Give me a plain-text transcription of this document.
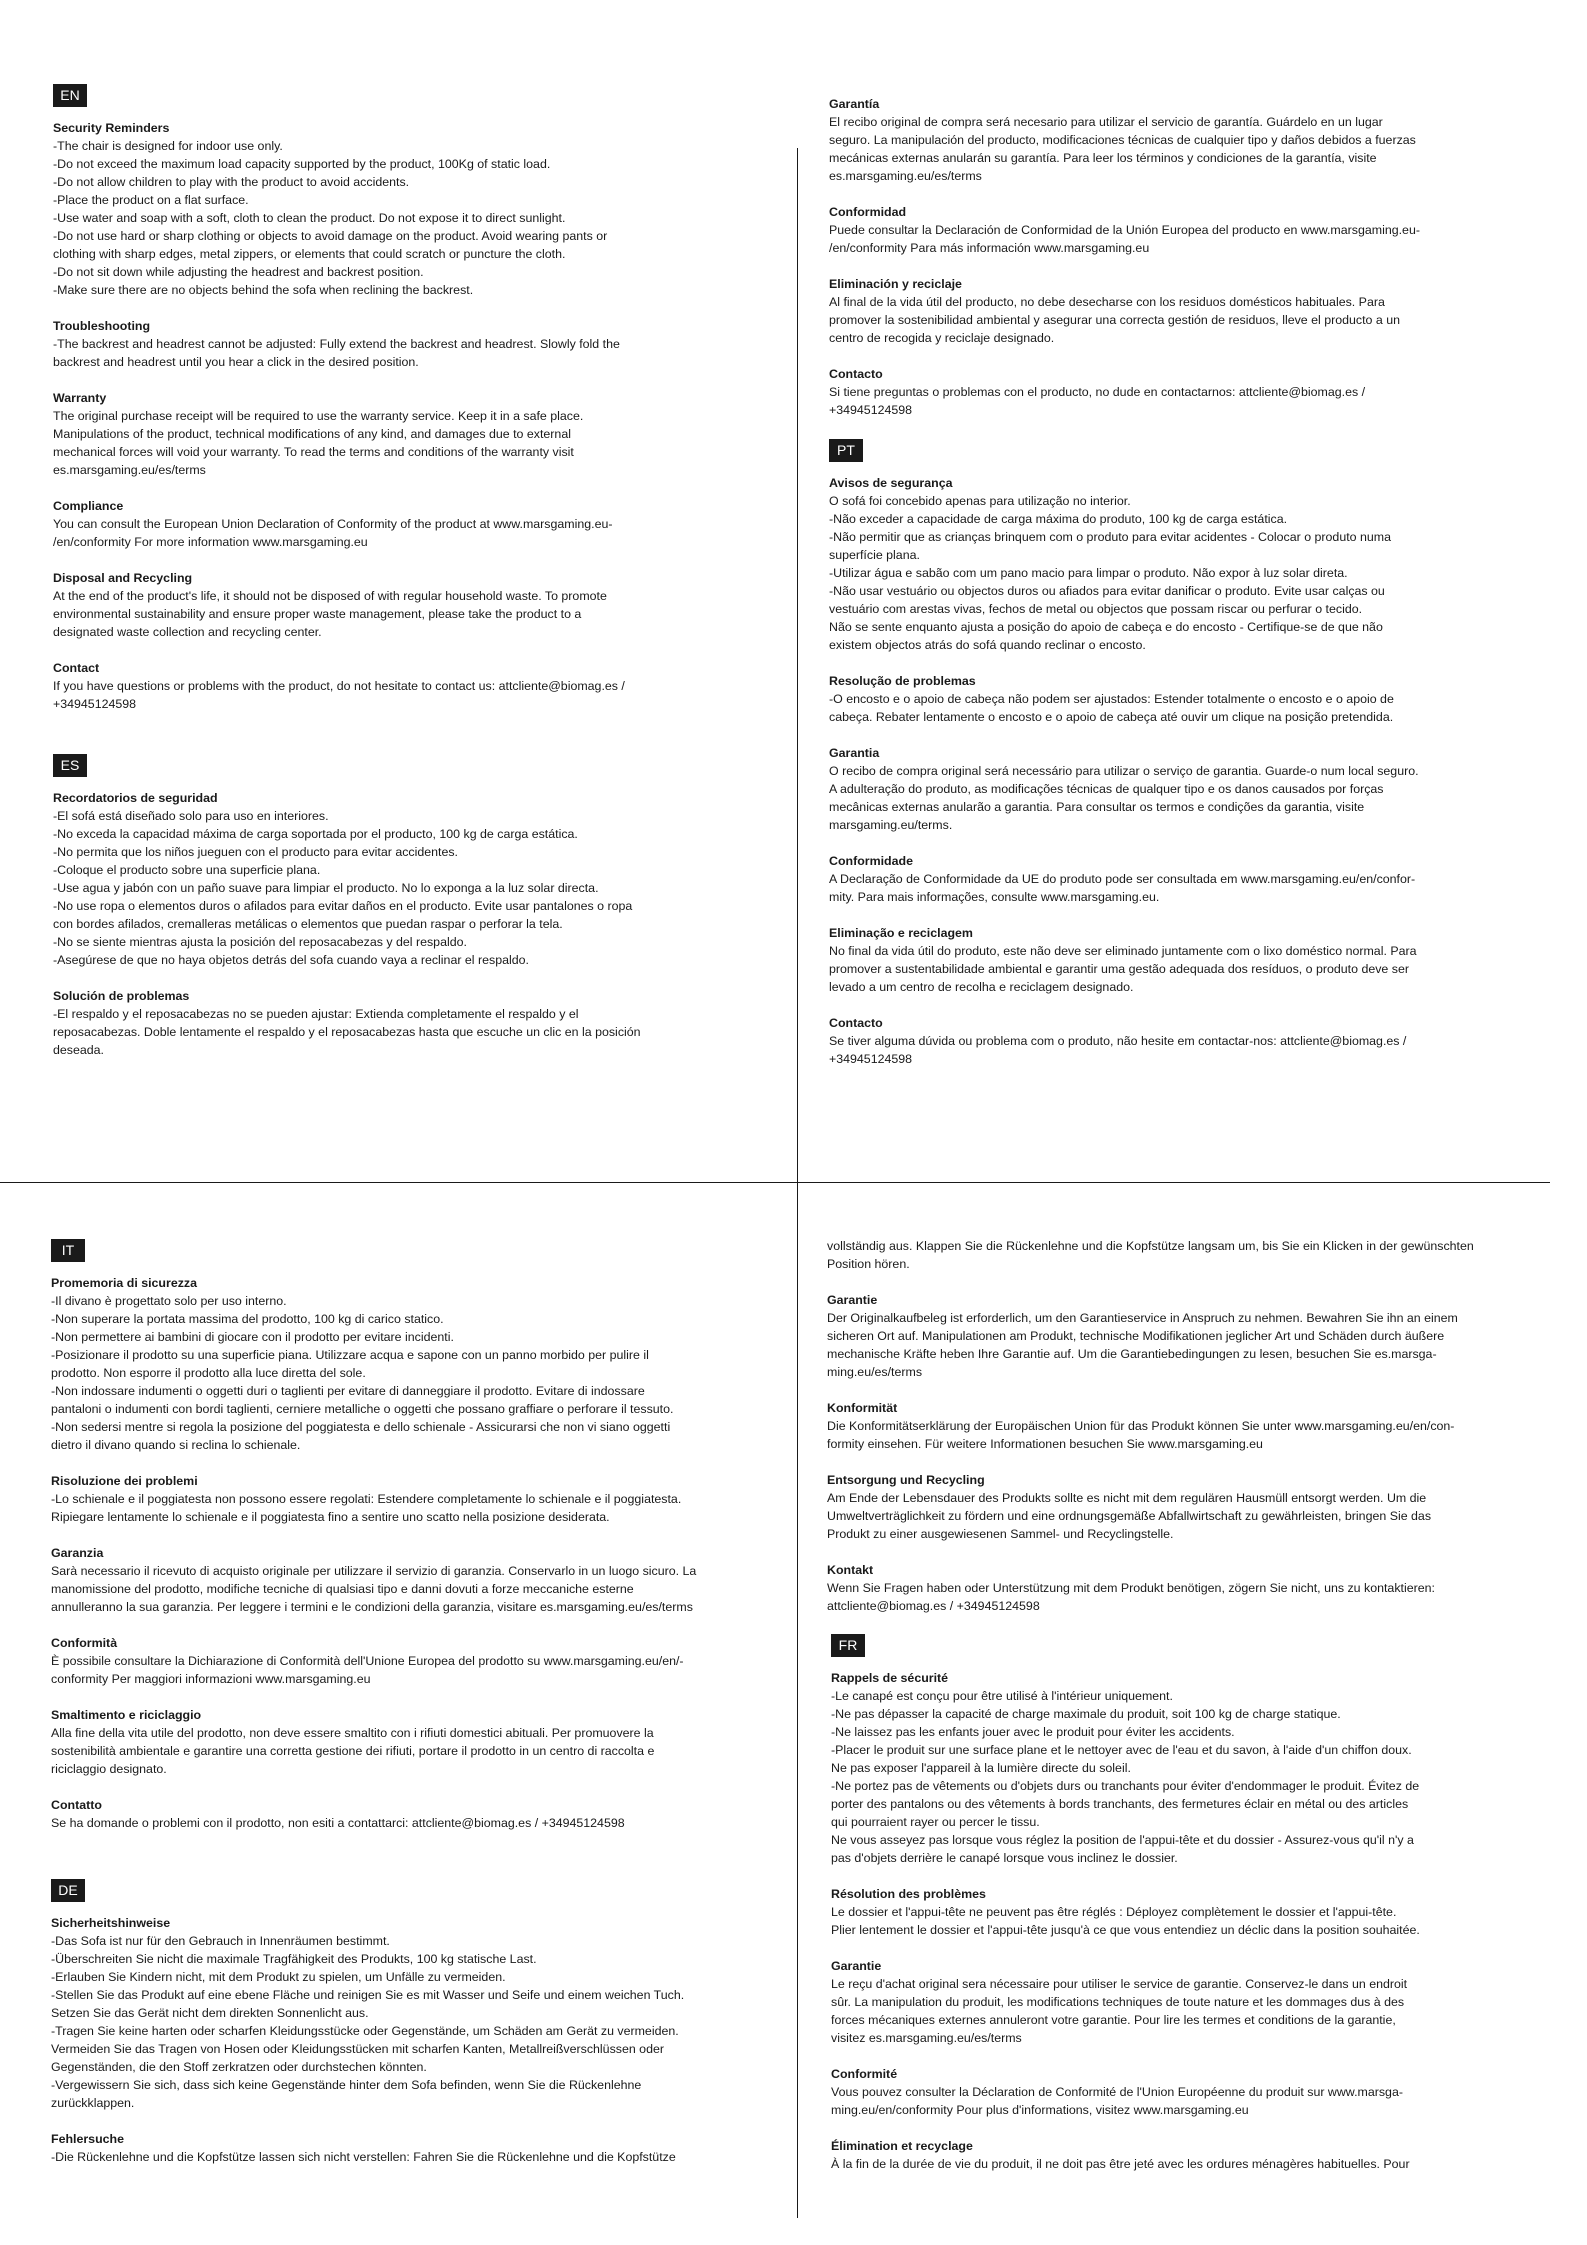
EN
Security Reminders
-The chair is designed for indoor use only.
-Do not exceed the maximum load capacity supported by the product, 100Kg of static load.
-Do not allow children to play with the product to avoid accidents.
-Place the product on a flat surface.
-Use water and soap with a soft, cloth to clean the product. Do not expose it to direct sunlight.
-Do not use hard or sharp clothing or objects to avoid damage on the product. Avoid wearing pants or
clothing with sharp edges, metal zippers, or elements that could scratch or puncture the cloth.
-Do not sit down while adjusting the headrest and backrest position.
-Make sure there are no objects behind the sofa when reclining the backrest.
Troubleshooting
-The backrest and headrest cannot be adjusted: Fully extend the backrest and headrest. Slowly fold the
backrest and headrest until you hear a click in the desired position.
Warranty
The original purchase receipt will be required to use the warranty service. Keep it in a safe place.
Manipulations of the product, technical modifications of any kind, and damages due to external
mechanical forces will void your warranty. To read the terms and conditions of the warranty visit
es.marsgaming.eu/es/terms
Compliance
You can consult the European Union Declaration of Conformity of the product at www.marsgaming.eu-
/en/conformity For more information www.marsgaming.eu
Disposal and Recycling
At the end of the product's life, it should not be disposed of with regular household waste. To promote
environmental sustainability and ensure proper waste management, please take the product to a
designated waste collection and recycling center.
Contact
If you have questions or problems with the product, do not hesitate to contact us: attcliente@biomag.es /
+34945124598
ES
Recordatorios de seguridad
-El sofá está diseñado solo para uso en interiores.
-No exceda la capacidad máxima de carga soportada por el producto, 100 kg de carga estática.
-No permita que los niños jueguen con el producto para evitar accidentes.
-Coloque el producto sobre una superficie plana.
-Use agua y jabón con un paño suave para limpiar el producto. No lo exponga a la luz solar directa.
-No use ropa o elementos duros o afilados para evitar daños en el producto. Evite usar pantalones o ropa
con bordes afilados, cremalleras metálicas o elementos que puedan raspar o perforar la tela.
-No se siente mientras ajusta la posición del reposacabezas y del respaldo.
-Asegúrese de que no haya objetos detrás del sofa cuando vaya a reclinar el respaldo.
Solución de problemas
-El respaldo y el reposacabezas no se pueden ajustar: Extienda completamente el respaldo y el
reposacabezas. Doble lentamente el respaldo y el reposacabezas hasta que escuche un clic en la posición
deseada.
Garantía
El recibo original de compra será necesario para utilizar el servicio de garantía. Guárdelo en un lugar
seguro. La manipulación del producto, modificaciones técnicas de cualquier tipo y daños debidos a fuerzas
mecánicas externas anularán su garantía. Para leer los términos y condiciones de la garantía, visite
es.marsgaming.eu/es/terms
Conformidad
Puede consultar la Declaración de Conformidad de la Unión Europea del producto en www.marsgaming.eu-
/en/conformity Para más información www.marsgaming.eu
Eliminación y reciclaje
Al final de la vida útil del producto, no debe desecharse con los residuos domésticos habituales. Para
promover la sostenibilidad ambiental y asegurar una correcta gestión de residuos, lleve el producto a un
centro de recogida y reciclaje designado.
Contacto
Si tiene preguntas o problemas con el producto, no dude en contactarnos: attcliente@biomag.es /
+34945124598
PT
Avisos de segurança
O sofá foi concebido apenas para utilização no interior.
-Não exceder a capacidade de carga máxima do produto, 100 kg de carga estática.
-Não permitir que as crianças brinquem com o produto para evitar acidentes - Colocar o produto numa
superfície plana.
-Utilizar água e sabão com um pano macio para limpar o produto. Não expor à luz solar direta.
-Não usar vestuário ou objectos duros ou afiados para evitar danificar o produto. Evite usar calças ou
vestuário com arestas vivas, fechos de metal ou objectos que possam riscar ou perfurar o tecido.
Não se sente enquanto ajusta a posição do apoio de cabeça e do encosto - Certifique-se de que não
existem objectos atrás do sofá quando reclinar o encosto.
Resolução de problemas
-O encosto e o apoio de cabeça não podem ser ajustados: Estender totalmente o encosto e o apoio de
cabeça. Rebater lentamente o encosto e o apoio de cabeça até ouvir um clique na posição pretendida.
Garantia
O recibo de compra original será necessário para utilizar o serviço de garantia. Guarde-o num local seguro.
A adulteração do produto, as modificações técnicas de qualquer tipo e os danos causados por forças
mecânicas externas anularão a garantia. Para consultar os termos e condições da garantia, visite
marsgaming.eu/terms.
Conformidade
A Declaração de Conformidade da UE do produto pode ser consultada em www.marsgaming.eu/en/confor-
mity. Para mais informações, consulte www.marsgaming.eu.
Eliminação e reciclagem
No final da vida útil do produto, este não deve ser eliminado juntamente com o lixo doméstico normal. Para
promover a sustentabilidade ambiental e garantir uma gestão adequada dos resíduos, o produto deve ser
levado a um centro de recolha e reciclagem designado.
Contacto
Se tiver alguma dúvida ou problema com o produto, não hesite em contactar-nos: attcliente@biomag.es /
+34945124598
IT
Promemoria di sicurezza
-Il divano è progettato solo per uso interno.
-Non superare la portata massima del prodotto, 100 kg di carico statico.
-Non permettere ai bambini di giocare con il prodotto per evitare incidenti.
-Posizionare il prodotto su una superficie piana. Utilizzare acqua e sapone con un panno morbido per pulire il
prodotto. Non esporre il prodotto alla luce diretta del sole.
-Non indossare indumenti o oggetti duri o taglienti per evitare di danneggiare il prodotto. Evitare di indossare
pantaloni o indumenti con bordi taglienti, cerniere metalliche o oggetti che possano graffiare o perforare il tessuto.
-Non sedersi mentre si regola la posizione del poggiatesta e dello schienale - Assicurarsi che non vi siano oggetti
dietro il divano quando si reclina lo schienale.
Risoluzione dei problemi
-Lo schienale e il poggiatesta non possono essere regolati: Estendere completamente lo schienale e il poggiatesta.
Ripiegare lentamente lo schienale e il poggiatesta fino a sentire uno scatto nella posizione desiderata.
Garanzia
Sarà necessario il ricevuto di acquisto originale per utilizzare il servizio di garanzia. Conservarlo in un luogo sicuro. La
manomissione del prodotto, modifiche tecniche di qualsiasi tipo e danni dovuti a forze meccaniche esterne
annulleranno la sua garanzia. Per leggere i termini e le condizioni della garanzia, visitare es.marsgaming.eu/es/terms
Conformità
È possibile consultare la Dichiarazione di Conformità dell'Unione Europea del prodotto su www.marsgaming.eu/en/-
conformity Per maggiori informazioni www.marsgaming.eu
Smaltimento e riciclaggio
Alla fine della vita utile del prodotto, non deve essere smaltito con i rifiuti domestici abituali. Per promuovere la
sostenibilità ambientale e garantire una corretta gestione dei rifiuti, portare il prodotto in un centro di raccolta e
riciclaggio designato.
Contatto
Se ha domande o problemi con il prodotto, non esiti a contattarci: attcliente@biomag.es / +34945124598
DE
Sicherheitshinweise
-Das Sofa ist nur für den Gebrauch in Innenräumen bestimmt.
-Überschreiten Sie nicht die maximale Tragfähigkeit des Produkts, 100 kg statische Last.
-Erlauben Sie Kindern nicht, mit dem Produkt zu spielen, um Unfälle zu vermeiden.
-Stellen Sie das Produkt auf eine ebene Fläche und reinigen Sie es mit Wasser und Seife und einem weichen Tuch.
Setzen Sie das Gerät nicht dem direkten Sonnenlicht aus.
-Tragen Sie keine harten oder scharfen Kleidungsstücke oder Gegenstände, um Schäden am Gerät zu vermeiden.
Vermeiden Sie das Tragen von Hosen oder Kleidungsstücken mit scharfen Kanten, Metallreißverschlüssen oder
Gegenständen, die den Stoff zerkratzen oder durchstechen könnten.
-Vergewissern Sie sich, dass sich keine Gegenstände hinter dem Sofa befinden, wenn Sie die Rückenlehne
zurückklappen.
Fehlersuche
-Die Rückenlehne und die Kopfstütze lassen sich nicht verstellen: Fahren Sie die Rückenlehne und die Kopfstütze
vollständig aus. Klappen Sie die Rückenlehne und die Kopfstütze langsam um, bis Sie ein Klicken in der gewünschten
Position hören.
Garantie
Der Originalkaufbeleg ist erforderlich, um den Garantieservice in Anspruch zu nehmen. Bewahren Sie ihn an einem
sicheren Ort auf. Manipulationen am Produkt, technische Modifikationen jeglicher Art und Schäden durch äußere
mechanische Kräfte heben Ihre Garantie auf. Um die Garantiebedingungen zu lesen, besuchen Sie es.marsga-
ming.eu/es/terms
Konformität
Die Konformitätserklärung der Europäischen Union für das Produkt können Sie unter www.marsgaming.eu/en/con-
formity einsehen. Für weitere Informationen besuchen Sie www.marsgaming.eu
Entsorgung und Recycling
Am Ende der Lebensdauer des Produkts sollte es nicht mit dem regulären Hausmüll entsorgt werden. Um die
Umweltverträglichkeit zu fördern und eine ordnungsgemäße Abfallwirtschaft zu gewährleisten, bringen Sie das
Produkt zu einer ausgewiesenen Sammel- und Recyclingstelle.
Kontakt
Wenn Sie Fragen haben oder Unterstützung mit dem Produkt benötigen, zögern Sie nicht, uns zu kontaktieren:
attcliente@biomag.es / +34945124598
FR
Rappels de sécurité
-Le canapé est conçu pour être utilisé à l'intérieur uniquement.
-Ne pas dépasser la capacité de charge maximale du produit, soit 100 kg de charge statique.
-Ne laissez pas les enfants jouer avec le produit pour éviter les accidents.
-Placer le produit sur une surface plane et le nettoyer avec de l'eau et du savon, à l'aide d'un chiffon doux.
Ne pas exposer l'appareil à la lumière directe du soleil.
-Ne portez pas de vêtements ou d'objets durs ou tranchants pour éviter d'endommager le produit. Évitez de
porter des pantalons ou des vêtements à bords tranchants, des fermetures éclair en métal ou des articles
qui pourraient rayer ou percer le tissu.
Ne vous asseyez pas lorsque vous réglez la position de l'appui-tête et du dossier - Assurez-vous qu'il n'y a
pas d'objets derrière le canapé lorsque vous inclinez le dossier.
Résolution des problèmes
Le dossier et l'appui-tête ne peuvent pas être réglés : Déployez complètement le dossier et l'appui-tête.
Plier lentement le dossier et l'appui-tête jusqu'à ce que vous entendiez un déclic dans la position souhaitée.
Garantie
Le reçu d'achat original sera nécessaire pour utiliser le service de garantie. Conservez-le dans un endroit
sûr. La manipulation du produit, les modifications techniques de toute nature et les dommages dus à des
forces mécaniques externes annuleront votre garantie. Pour lire les termes et conditions de la garantie,
visitez es.marsgaming.eu/es/terms
Conformité
Vous pouvez consulter la Déclaration de Conformité de l'Union Européenne du produit sur www.marsga-
ming.eu/en/conformity Pour plus d'informations, visitez www.marsgaming.eu
Élimination et recyclage
À la fin de la durée de vie du produit, il ne doit pas être jeté avec les ordures ménagères habituelles. Pour
